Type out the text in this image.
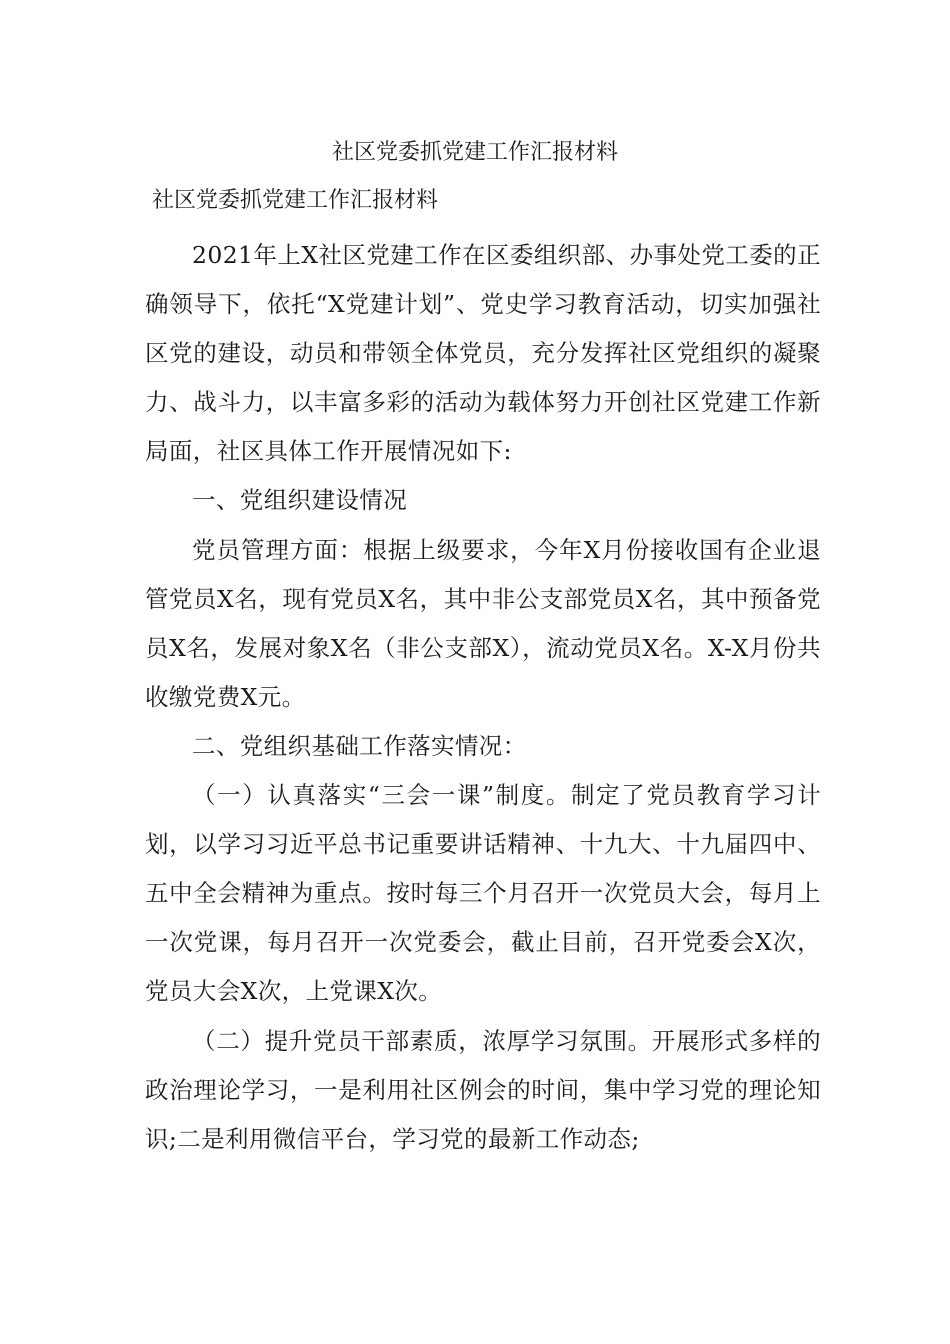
社区党委抓党建工作汇报材料
社区党委抓党建工作汇报材料

2021年上X社区党建工作在区委组织部、办事处党工委的正确领导下，依托“X党建计划”、党史学习教育活动，切实加强社区党的建设，动员和带领全体党员，充分发挥社区党组织的凝聚力、战斗力，以丰富多彩的活动为载体努力开创社区党建工作新局面，社区具体工作开展情况如下:

一、党组织建设情况

党员管理方面：根据上级要求，今年X月份接收国有企业退管党员X名，现有党员X名，其中非公支部党员X名，其中预备党员X名，发展对象X名（非公支部X），流动党员X名。X-X月份共收缴党费X元。

二、党组织基础工作落实情况：

（一）认真落实“三会一课”制度。制定了党员教育学习计划，以学习习近平总书记重要讲话精神、十九大、十九届四中、五中全会精神为重点。按时每三个月召开一次党员大会，每月上一次党课，每月召开一次党委会，截止目前，召开党委会X次，党员大会X次，上党课X次。

（二）提升党员干部素质，浓厚学习氛围。开展形式多样的政治理论学习，一是利用社区例会的时间，集中学习党的理论知识;二是利用微信平台，学习党的最新工作动态;
